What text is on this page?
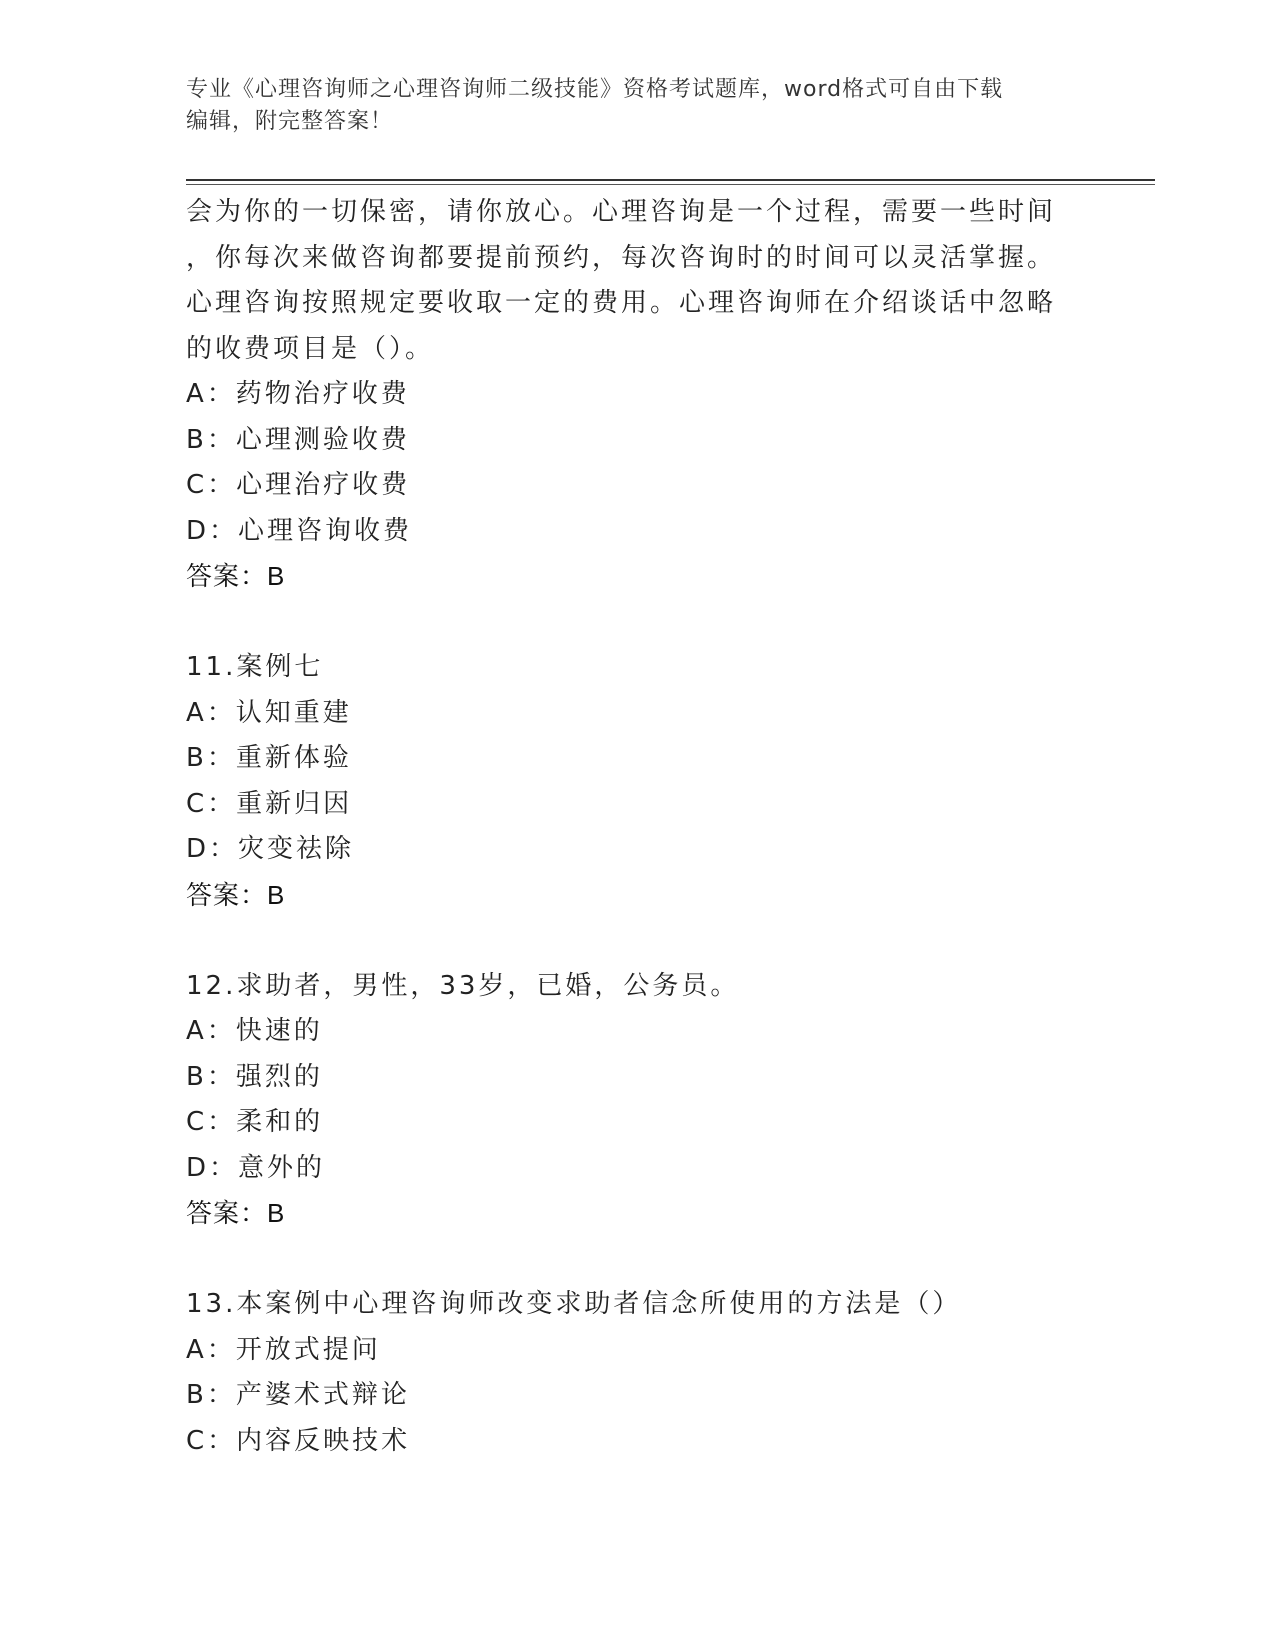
专业《心理咨询师之心理咨询师二级技能》资格考试题库，word格式可自由下载
编辑，附完整答案！
会为你的一切保密，请你放心。心理咨询是一个过程，需要一些时间
，你每次来做咨询都要提前预约，每次咨询时的时间可以灵活掌握。
心理咨询按照规定要收取一定的费用。心理咨询师在介绍谈话中忽略
的收费项目是（）。
A：药物治疗收费
B：心理测验收费
C：心理治疗收费
D：心理咨询收费
答案：B
11.案例七
A：认知重建
B：重新体验
C：重新归因
D：灾变祛除
答案：B
12.求助者，男性，33岁，已婚，公务员。
A：快速的
B：强烈的
C：柔和的
D：意外的
答案：B
13.本案例中心理咨询师改变求助者信念所使用的方法是（）
A：开放式提问
B：产婆术式辩论
C：内容反映技术
